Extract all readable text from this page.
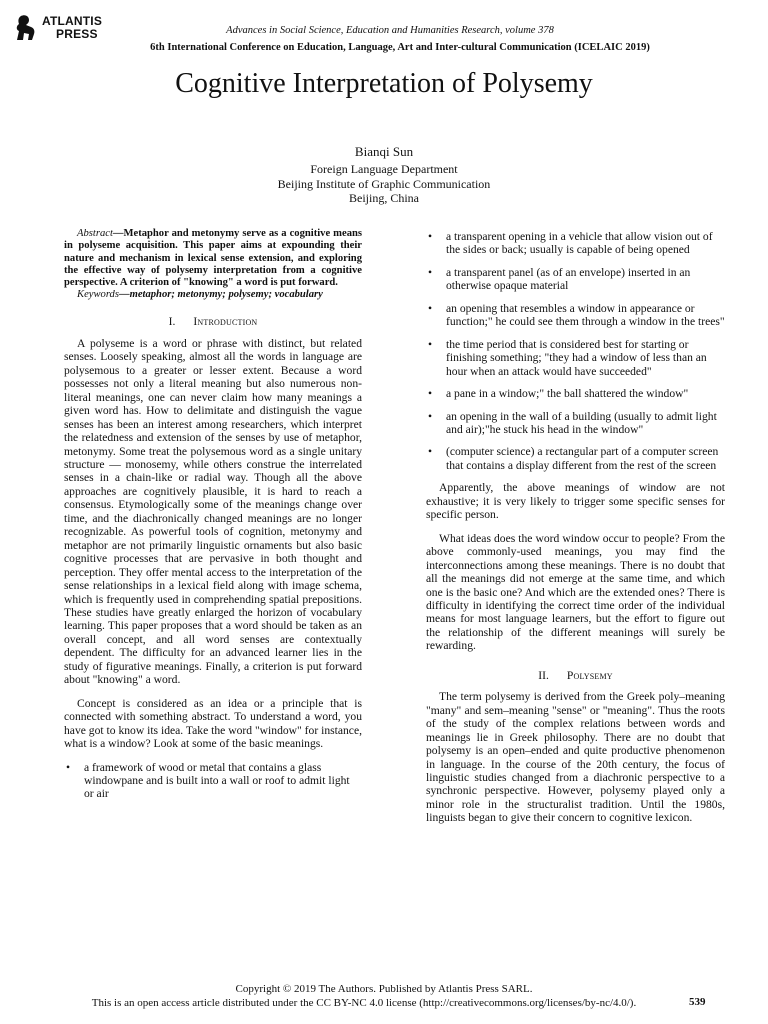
ATLANTIS
PRESS	Advances in Social Science, Education and Humanities Research, volume 378
6th International Conference on Education, Language, Art and Inter-cultural Communication (ICELAIC 2019)
Cognitive Interpretation of Polysemy
Bianqi Sun
Foreign Language Department
Beijing Institute of Graphic Communication
Beijing, China

Abstract—Metaphor and metonymy serve as a cognitive means in polyseme acquisition. This paper aims at expounding their nature and mechanism in lexical sense extension, and exploring the effective way of polysemy interpretation from a cognitive perspective. A criterion of "knowing" a word is put forward.

Keywords—metaphor; metonymy; polysemy; vocabulary

I. Introduction

A polyseme is a word or phrase with distinct, but related senses. Loosely speaking, almost all the words in language are polysemous to a greater or lesser extent. Because a word possesses not only a literal meaning but also numerous non-literal meanings, one can never claim how many meanings a given word has. How to delimitate and distinguish the vague senses has been an interest among researchers, which interpret the relatedness and extension of the senses by use of metaphor, metonymy. Some treat the polysemous word as a single unitary structure — monosemy, while others construe the interrelated senses in a chain-like or radial way. Though all the above approaches are cognitively plausible, it is hard to reach a consensus. Etymologically some of the meanings change over time, and the diachronically changed meanings are no longer recognizable. As powerful tools of cognition, metonymy and metaphor are not primarily linguistic ornaments but also basic cognitive processes that are pervasive in both thought and perception. They offer mental access to the interpretation of the sense relationships in a lexical field along with image schema, which is frequently used in comprehending spatial prepositions. These studies have greatly enlarged the horizon of vocabulary learning. This paper proposes that a word should be taken as an overall concept, and all word senses are contextually dependent. The difficulty for an advanced learner lies in the study of figurative meanings. Finally, a criterion is put forward about "knowing" a word.

Concept is considered as an idea or a principle that is connected with something abstract. To understand a word, you have got to know its idea. Take the word "window" for instance, what is a window? Look at some of the basic meanings.

• a framework of wood or metal that contains a glass windowpane and is built into a wall or roof to admit light or air
• a transparent opening in a vehicle that allow vision out of the sides or back; usually is capable of being opened
• a transparent panel (as of an envelope) inserted in an otherwise opaque material
• an opening that resembles a window in appearance or function;" he could see them through a window in the trees"
• the time period that is considered best for starting or finishing something; "they had a window of less than an hour when an attack would have succeeded"
• a pane in a window;" the ball shattered the window"
• an opening in the wall of a building (usually to admit light and air);"he stuck his head in the window"
• (computer science) a rectangular part of a computer screen that contains a display different from the rest of the screen

Apparently, the above meanings of window are not exhaustive; it is very likely to trigger some specific senses for specific person.

What ideas does the word window occur to people? From the above commonly-used meanings, you may find the interconnections among these meanings. There is no doubt that all the meanings did not emerge at the same time, and which one is the basic one? And which are the extended ones? There is difficulty in identifying the correct time order of the individual means for most language learners, but the effort to figure out the relationship of the different meanings will surely be rewarding.

II. Polysemy

The term polysemy is derived from the Greek poly–meaning "many" and sem–meaning "sense" or "meaning". Thus the roots of the study of the complex relations between words and meanings lie in Greek philosophy. There are no doubt that polysemy is an open–ended and quite productive phenomenon in language. In the course of the 20th century, the focus of linguistic studies changed from a diachronic perspective to a synchronic perspective. However, polysemy played only a minor role in the structuralist tradition. Until the 1980s, linguists began to give their concern to cognitive lexicon.

Copyright © 2019 The Authors. Published by Atlantis Press SARL.
This is an open access article distributed under the CC BY-NC 4.0 license (http://creativecommons.org/licenses/by-nc/4.0/).	539
